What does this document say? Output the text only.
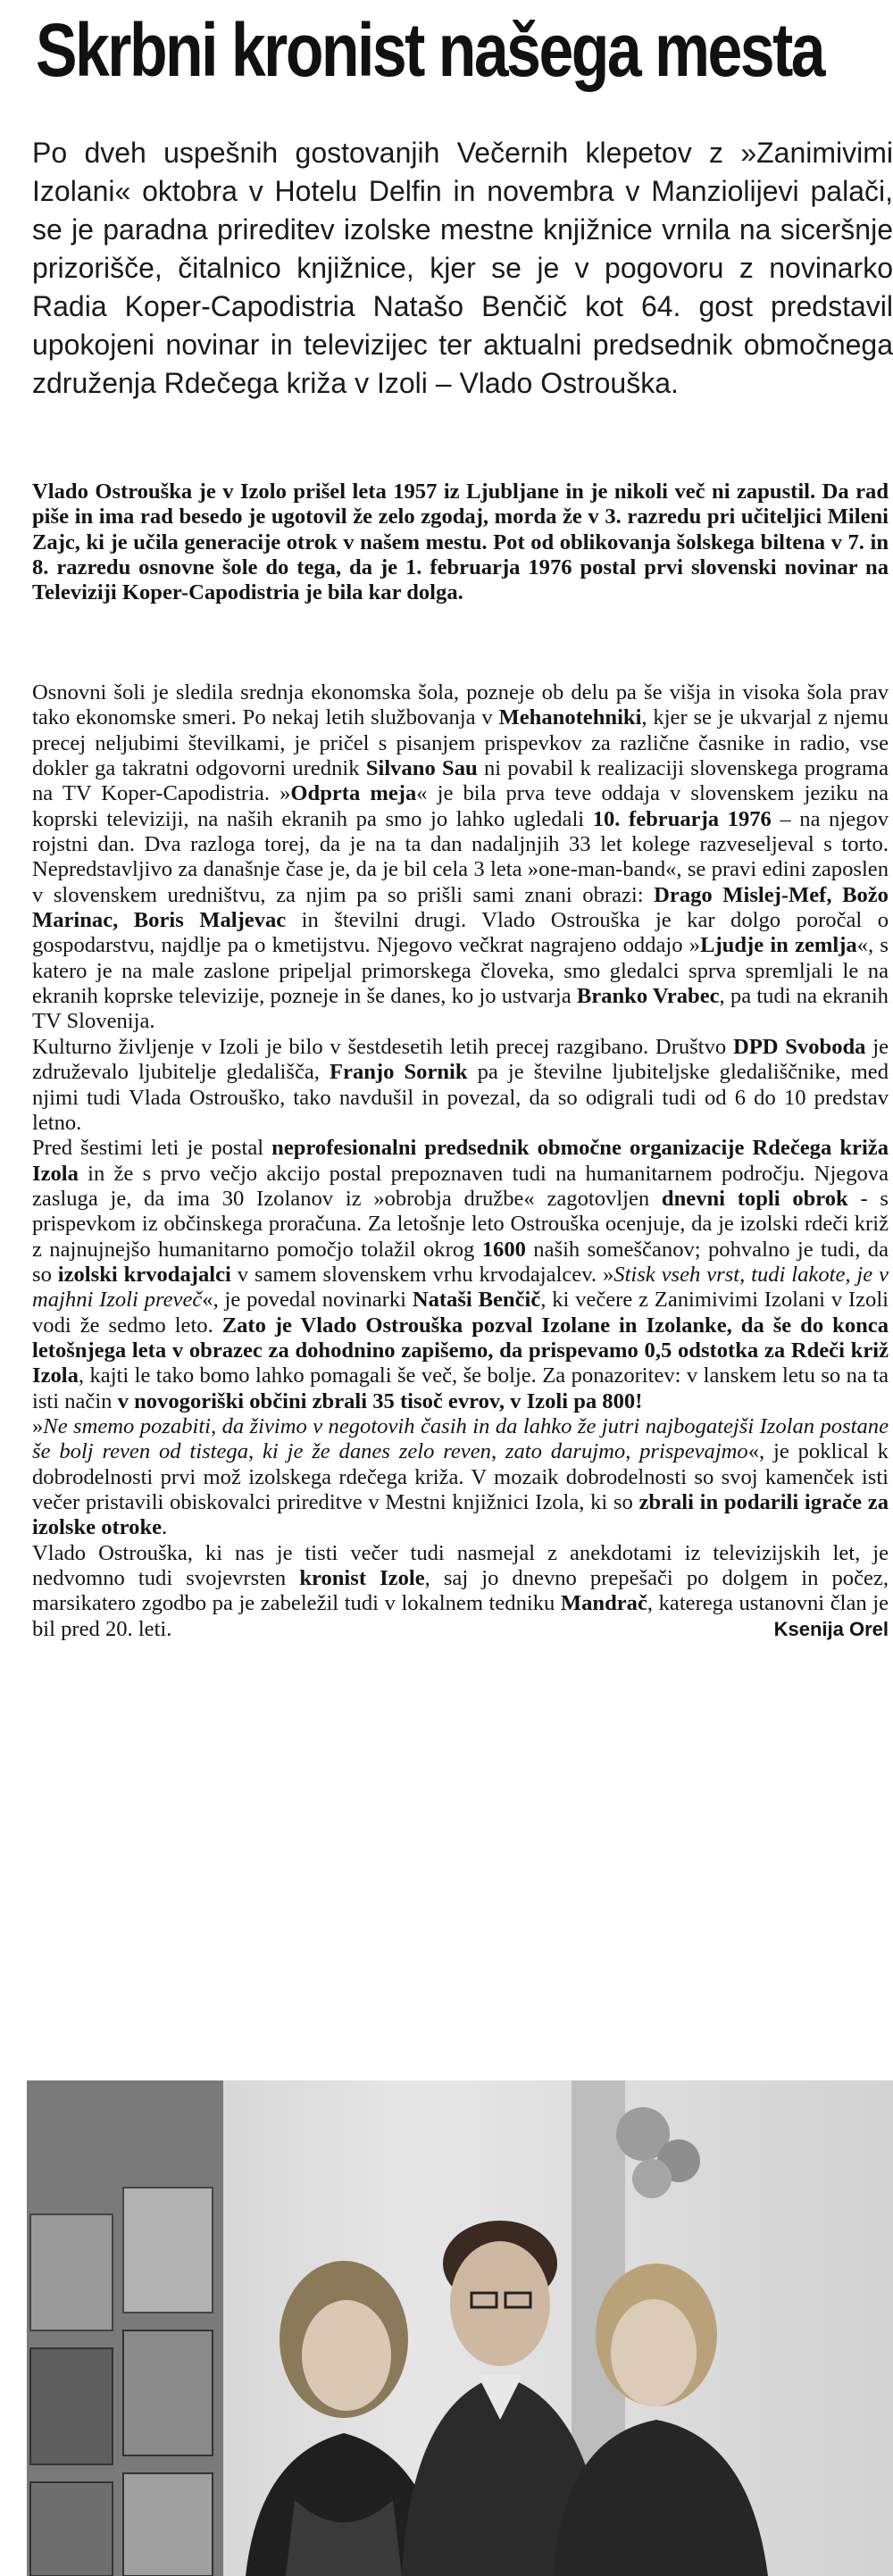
Skrbni kronist našega mesta

Po dveh uspešnih gostovanjih Večernih klepetov z »Zanimivimi Izolani« oktobra v Hotelu Delfin in novembra v Manziolijevi palači, se je paradna prireditev izolske mestne knjižnice vrnila na siceršnje prizorišče, čitalnico knjižnice, kjer se je v pogovoru z novinarko Radia Koper-Capodistria Natašo Benčič kot 64. gost predstavil upokojeni novinar in televizijec ter aktualni predsednik območnega združenja Rdečega križa v Izoli – Vlado Ostrouška.

Vlado Ostrouška je v Izolo prišel leta 1957 iz Ljubljane in je nikoli več ni zapustil. Da rad piše in ima rad besedo je ugotovil že zelo zgodaj, morda že v 3. razredu pri učiteljici Mileni Zajc, ki je učila generacije otrok v našem mestu. Pot od oblikovanja šolskega biltena v 7. in 8. razredu osnovne šole do tega, da je 1. februarja 1976 postal prvi slovenski novinar na Televiziji Koper-Capodistria je bila kar dolga.

Osnovni šoli je sledila srednja ekonomska šola, pozneje ob delu pa še višja in visoka šola prav tako ekonomske smeri. Po nekaj letih službovanja v Mehanotehniki, kjer se je ukvarjal z njemu precej neljubimi številkami, je pričel s pisanjem prispevkov za različne časnike in radio, vse dokler ga takratni odgovorni urednik Silvano Sau ni povabil k realizaciji slovenskega programa na TV Koper-Capodistria. »Odprta meja« je bila prva teve oddaja v slovenskem jeziku na koprski televiziji, na naših ekranih pa smo jo lahko ugledali 10. februarja 1976 – na njegov rojstni dan. Dva razloga torej, da je na ta dan nadaljnjih 33 let kolege razveseljeval s torto. Nepredstavljivo za današnje čase je, da je bil cela 3 leta »one-man-band«, se pravi edini zaposlen v slovenskem uredništvu, za njim pa so prišli sami znani obrazi: Drago Mislej-Mef, Božo Marinac, Boris Maljevac in številni drugi. Vlado Ostrouška je kar dolgo poročal o gospodarstvu, najdlje pa o kmetijstvu. Njegovo večkrat nagrajeno oddajo »Ljudje in zemlja«, s katero je na male zaslone pripeljal primorskega človeka, smo gledalci sprva spremljali le na ekranih koprske televizije, pozneje in še danes, ko jo ustvarja Branko Vrabec, pa tudi na ekranih TV Slovenija.

Kulturno življenje v Izoli je bilo v šestdesetih letih precej razgibano. Društvo DPD Svoboda je združevalo ljubitelje gledališča, Franjo Sornik pa je številne ljubiteljske gledališčnike, med njimi tudi Vlada Ostrouško, tako navdušil in povezal, da so odigrali tudi od 6 do 10 predstav letno.

Pred šestimi leti je postal neprofesionalni predsednik območne organizacije Rdečega križa Izola in že s prvo večjo akcijo postal prepoznaven tudi na humanitarnem področju. Njegova zasluga je, da ima 30 Izolanov iz »obrobja družbe« zagotovljen dnevni topli obrok - s prispevkom iz občinskega proračuna. Za letošnje leto Ostrouška ocenjuje, da je izolski rdeči križ z najnujnejšo humanitarno pomočjo tolažil okrog 1600 naših someščanov; pohvalno je tudi, da so izolski krvodajalci v samem slovenskem vrhu krvodajalcev. »Stisk vseh vrst, tudi lakote, je v majhni Izoli preveč«, je povedal novinarki Nataši Benčič, ki večere z Zanimivimi Izolani v Izoli vodi že sedmo leto. Zato je Vlado Ostrouška pozval Izolane in Izolanke, da še do konca letošnjega leta v obrazec za dohodnino zapišemo, da prispevamo 0,5 odstotka za Rdeči križ Izola, kajti le tako bomo lahko pomagali še več, še bolje. Za ponazoritev: v lanskem letu so na ta isti način v novogoriški občini zbrali 35 tisoč evrov, v Izoli pa 800!

»Ne smemo pozabiti, da živimo v negotovih časih in da lahko že jutri najbogatejši Izolan postane še bolj reven od tistega, ki je že danes zelo reven, zato darujmo, prispevajmo«, je poklical k dobrodelnosti prvi mož izolskega rdečega križa. V mozaik dobrodelnosti so svoj kamenček isti večer pristavili obiskovalci prireditve v Mestni knjižnici Izola, ki so zbrali in podarili igrače za izolske otroke.

Vlado Ostrouška, ki nas je tisti večer tudi nasmejal z anekdotami iz televizijskih let, je nedvomno tudi svojevrsten kronist Izole, saj jo dnevno prepešači po dolgem in počez, marsikatero zgodbo pa je zabeležil tudi v lokalnem tedniku Mandrač, katerega ustanovni član je bil pred 20. leti.	Ksenija Orel
